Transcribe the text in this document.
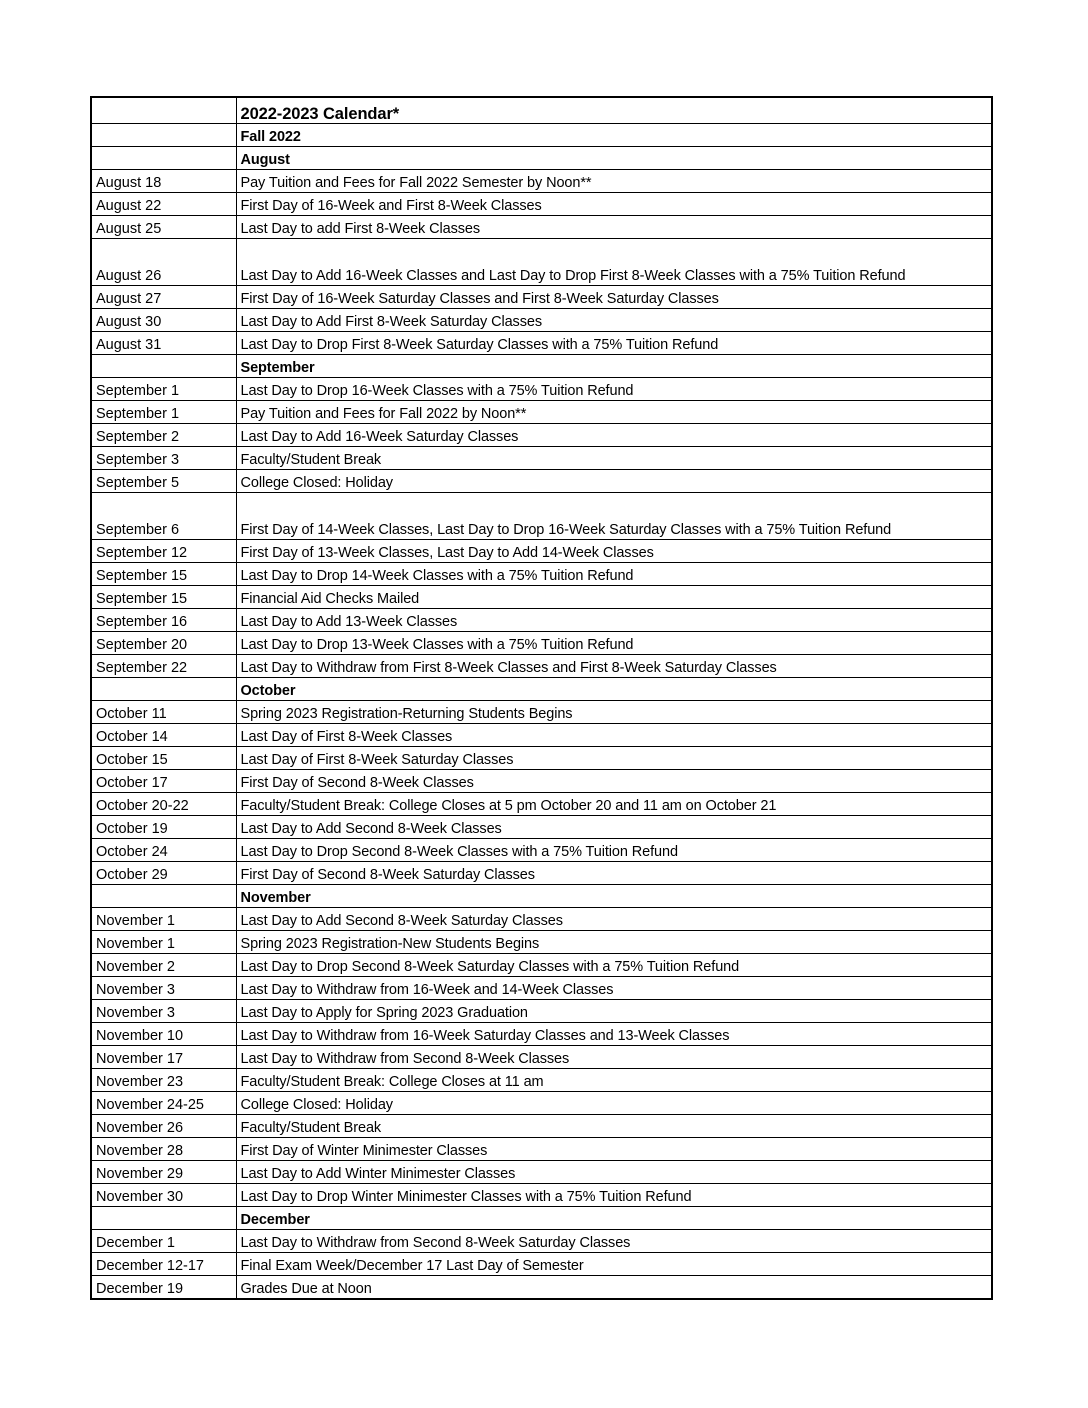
	2022-2023 Calendar*
	Fall 2022
	August
August 18	Pay Tuition and Fees for Fall 2022 Semester by Noon**
August 22	First Day of 16-Week and First 8-Week Classes
August 25	Last Day to add First 8-Week Classes
August 26	Last Day to Add 16-Week Classes and Last Day to Drop First 8-Week Classes with a 75% Tuition Refund
August 27	First Day of 16-Week Saturday Classes and First 8-Week Saturday Classes
August 30	Last Day to Add First 8-Week Saturday Classes
August 31	Last Day to Drop First 8-Week Saturday Classes with a 75% Tuition Refund
	September
September 1	Last Day to Drop 16-Week Classes with a 75% Tuition Refund
September 1	Pay Tuition and Fees for Fall 2022 by Noon**
September 2	Last Day to Add 16-Week Saturday Classes
September 3	Faculty/Student Break
September 5	College Closed: Holiday
September 6	First Day of 14-Week Classes, Last Day to Drop 16-Week Saturday Classes with a 75% Tuition Refund
September 12	First Day of 13-Week Classes, Last Day to Add 14-Week Classes
September 15	Last Day to Drop 14-Week Classes with a 75% Tuition Refund
September 15	Financial Aid Checks Mailed
September 16	Last Day to Add 13-Week Classes
September 20	Last Day to Drop 13-Week Classes with a 75% Tuition Refund
September 22	Last Day to Withdraw from First 8-Week Classes and First 8-Week Saturday Classes
	October
October 11	Spring 2023 Registration-Returning Students Begins
October 14	Last Day of First 8-Week Classes
October 15	Last Day of First 8-Week Saturday Classes
October 17	First Day of Second 8-Week Classes
October 20-22	Faculty/Student Break: College Closes at 5 pm October 20 and 11 am on October 21
October 19	Last Day to Add Second 8-Week Classes
October 24	Last Day to Drop Second 8-Week Classes with a 75% Tuition Refund
October 29	First Day of Second 8-Week Saturday Classes
	November
November 1	Last Day to Add Second 8-Week Saturday Classes
November 1	Spring 2023 Registration-New Students Begins
November 2	Last Day to Drop Second 8-Week Saturday Classes with a 75% Tuition Refund
November 3	Last Day to Withdraw from 16-Week and 14-Week Classes
November 3	Last Day to Apply for Spring 2023 Graduation
November 10	Last Day to Withdraw from 16-Week Saturday Classes and 13-Week Classes
November 17	Last Day to Withdraw from Second 8-Week Classes
November 23	Faculty/Student Break: College Closes at 11 am
November 24-25	College Closed: Holiday
November 26	Faculty/Student Break
November 28	First Day of Winter Minimester Classes
November 29	Last Day to Add Winter Minimester Classes
November 30	Last Day to Drop Winter Minimester Classes with a 75% Tuition Refund
	December
December 1	Last Day to Withdraw from Second 8-Week Saturday Classes
December 12-17	Final Exam Week/December 17 Last Day of Semester
December 19	Grades Due at Noon
